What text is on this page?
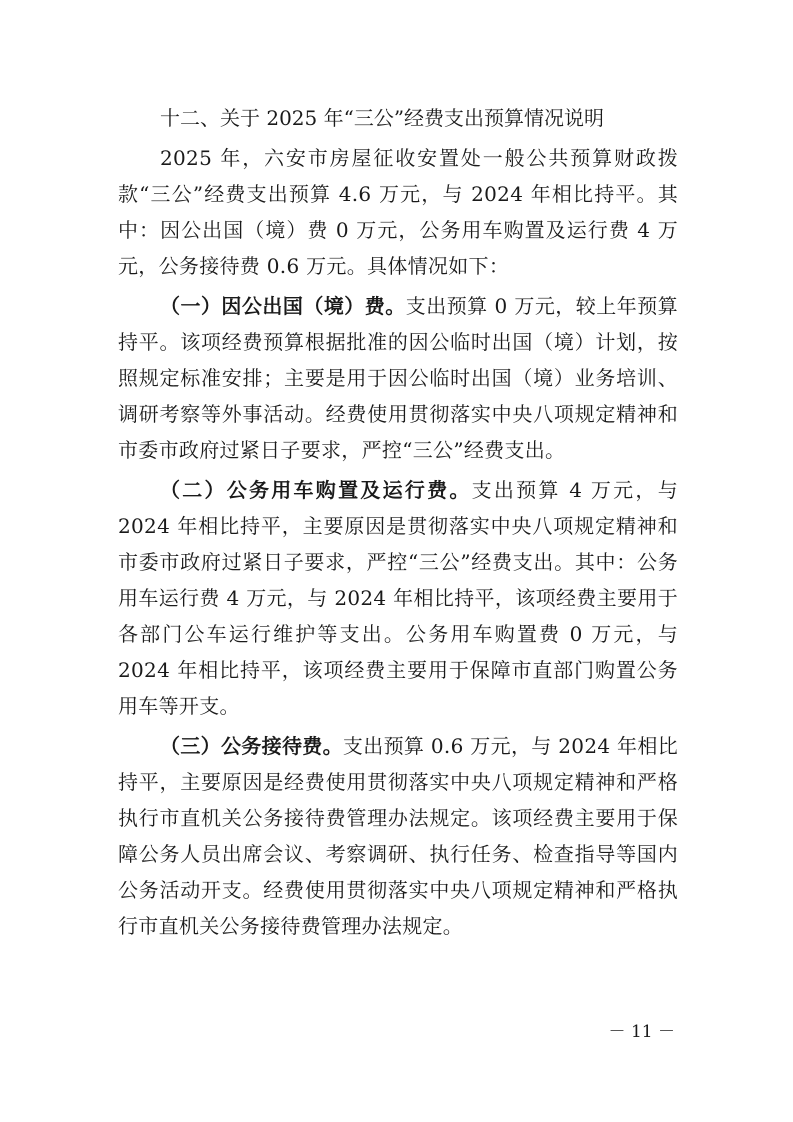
十二、关于 2025 年“三公”经费支出预算情况说明

2025 年，六安市房屋征收安置处一般公共预算财政拨款“三公”经费支出预算 4.6 万元，与 2024 年相比持平。其中：因公出国（境）费 0 万元，公务用车购置及运行费 4 万元，公务接待费 0.6 万元。具体情况如下：

（一）因公出国（境）费。支出预算 0 万元，较上年预算持平。该项经费预算根据批准的因公临时出国（境）计划，按照规定标准安排；主要是用于因公临时出国（境）业务培训、调研考察等外事活动。经费使用贯彻落实中央八项规定精神和市委市政府过紧日子要求，严控“三公”经费支出。

（二）公务用车购置及运行费。支出预算 4 万元，与 2024 年相比持平，主要原因是贯彻落实中央八项规定精神和市委市政府过紧日子要求，严控“三公”经费支出。其中：公务用车运行费 4 万元，与 2024 年相比持平，该项经费主要用于各部门公车运行维护等支出。公务用车购置费 0 万元，与 2024 年相比持平，该项经费主要用于保障市直部门购置公务用车等开支。

（三）公务接待费。支出预算 0.6 万元，与 2024 年相比持平，主要原因是经费使用贯彻落实中央八项规定精神和严格执行市直机关公务接待费管理办法规定。该项经费主要用于保障公务人员出席会议、考察调研、执行任务、检查指导等国内公务活动开支。经费使用贯彻落实中央八项规定精神和严格执行市直机关公务接待费管理办法规定。

－ 11 －
